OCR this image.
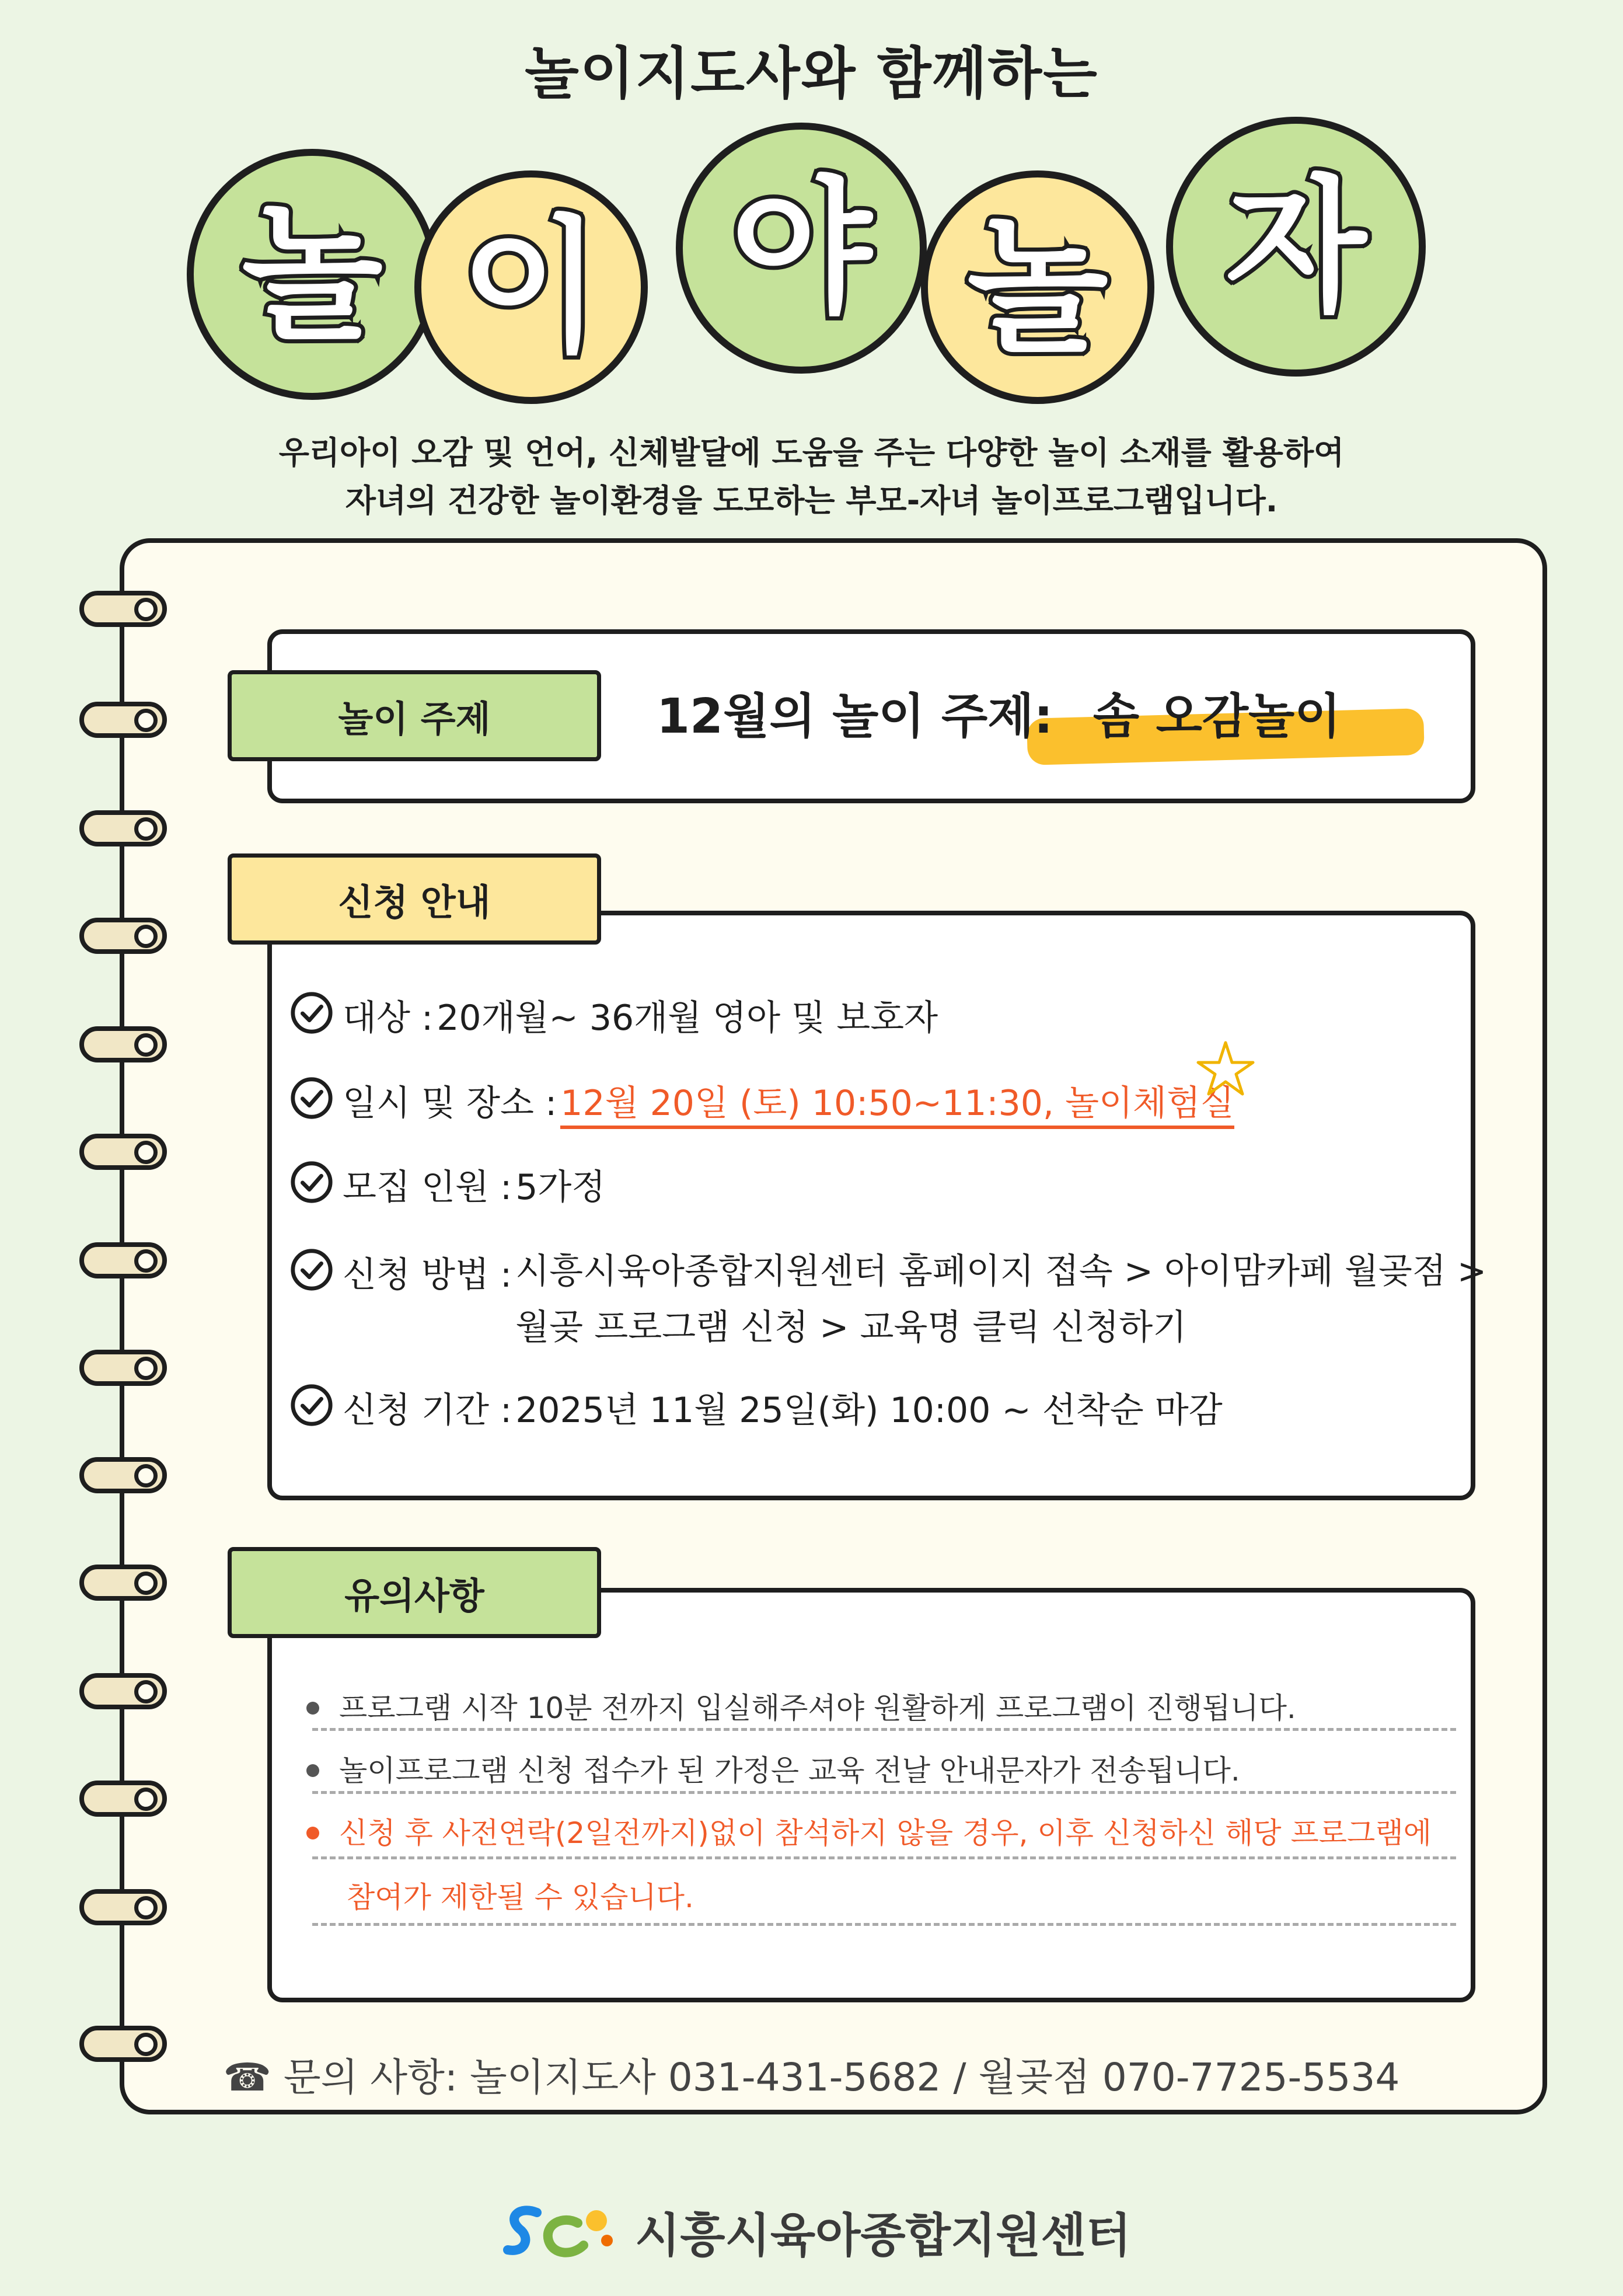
놀이지도사와 함께하는
놀 이 야 놀 자
우리아이 오감 및 언어, 신체발달에 도움을 주는 다양한 놀이 소재를 활용하여
자녀의 건강한 놀이환경을 도모하는 부모-자녀 놀이프로그램입니다.
놀이 주제	12월의 놀이 주제: 솜 오감놀이
신청 안내
대상 : 20개월~ 36개월 영아 및 보호자
일시 및 장소 : 12월 20일 (토) 10:50~11:30, 놀이체험실
모집 인원 : 5가정
신청 방법 : 시흥시육아종합지원센터 홈페이지 접속 > 아이맘카페 월곶점 >
월곶 프로그램 신청 > 교육명 클릭 신청하기
신청 기간 : 2025년 11월 25일(화) 10:00 ~ 선착순 마감
유의사항
프로그램 시작 10분 전까지 입실해주셔야 원활하게 프로그램이 진행됩니다.
놀이프로그램 신청 접수가 된 가정은 교육 전날 안내문자가 전송됩니다.
신청 후 사전연락(2일전까지)없이 참석하지 않을 경우, 이후 신청하신 해당 프로그램에
참여가 제한될 수 있습니다.
☎ 문의 사항: 놀이지도사 031-431-5682 / 월곶점 070-7725-5534
시흥시육아종합지원센터
